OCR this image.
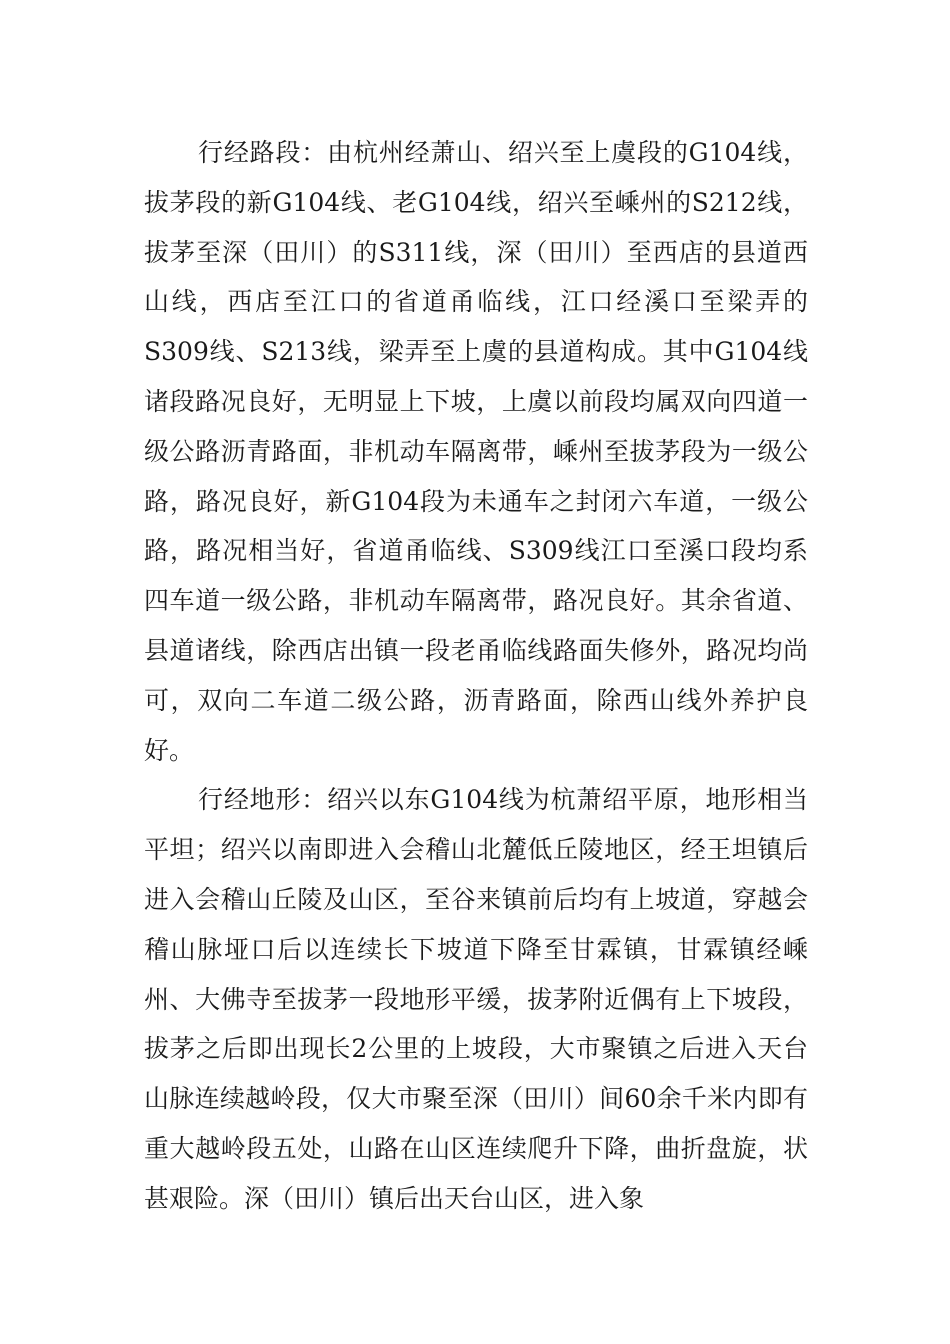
行经路段：由杭州经萧山、绍兴至上虞段的G104线，拔茅段的新G104线、老G104线，绍兴至嵊州的S212线，拔茅至深（田川）的S311线，深（田川）至西店的县道西山线，西店至江口的省道甬临线，江口经溪口至梁弄的S309线、S213线，梁弄至上虞的县道构成。其中G104线诸段路况良好，无明显上下坡，上虞以前段均属双向四道一级公路沥青路面，非机动车隔离带，嵊州至拔茅段为一级公路，路况良好，新G104段为未通车之封闭六车道，一级公路，路况相当好，省道甬临线、S309线江口至溪口段均系四车道一级公路，非机动车隔离带，路况良好。其余省道、县道诸线，除西店出镇一段老甬临线路面失修外，路况均尚可，双向二车道二级公路，沥青路面，除西山线外养护良好。

行经地形：绍兴以东G104线为杭萧绍平原，地形相当平坦；绍兴以南即进入会稽山北麓低丘陵地区，经王坦镇后进入会稽山丘陵及山区，至谷来镇前后均有上坡道，穿越会稽山脉垭口后以连续长下坡道下降至甘霖镇，甘霖镇经嵊州、大佛寺至拔茅一段地形平缓，拔茅附近偶有上下坡段，拔茅之后即出现长2公里的上坡段，大市聚镇之后进入天台山脉连续越岭段，仅大市聚至深（田川）间60余千米内即有重大越岭段五处，山路在山区连续爬升下降，曲折盘旋，状甚艰险。深（田川）镇后出天台山区，进入象
